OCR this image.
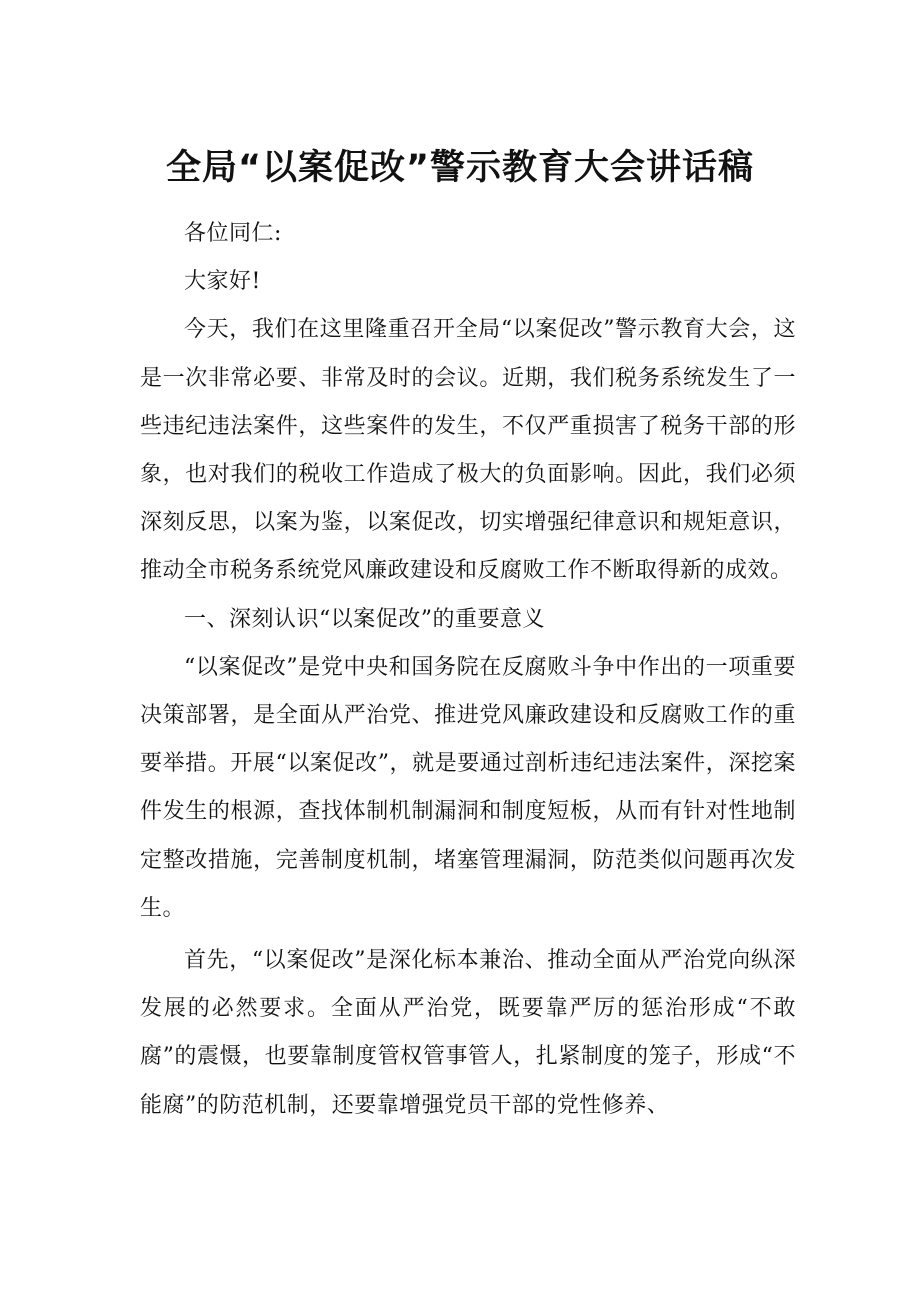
全局“以案促改”警示教育大会讲话稿

各位同仁:

大家好!

今天，我们在这里隆重召开全局“以案促改”警示教育大会，这是一次非常必要、非常及时的会议。近期，我们税务系统发生了一些违纪违法案件，这些案件的发生，不仅严重损害了税务干部的形象，也对我们的税收工作造成了极大的负面影响。因此，我们必须深刻反思，以案为鉴，以案促改，切实增强纪律意识和规矩意识，推动全市税务系统党风廉政建设和反腐败工作不断取得新的成效。

一、深刻认识“以案促改”的重要意义

“以案促改”是党中央和国务院在反腐败斗争中作出的一项重要决策部署，是全面从严治党、推进党风廉政建设和反腐败工作的重要举措。开展“以案促改”，就是要通过剖析违纪违法案件，深挖案件发生的根源，查找体制机制漏洞和制度短板，从而有针对性地制定整改措施，完善制度机制，堵塞管理漏洞，防范类似问题再次发生。

首先，“以案促改”是深化标本兼治、推动全面从严治党向纵深发展的必然要求。全面从严治党，既要靠严厉的惩治形成“不敢腐”的震慑，也要靠制度管权管事管人，扎紧制度的笼子，形成“不能腐”的防范机制，还要靠增强党员干部的党性修养、
